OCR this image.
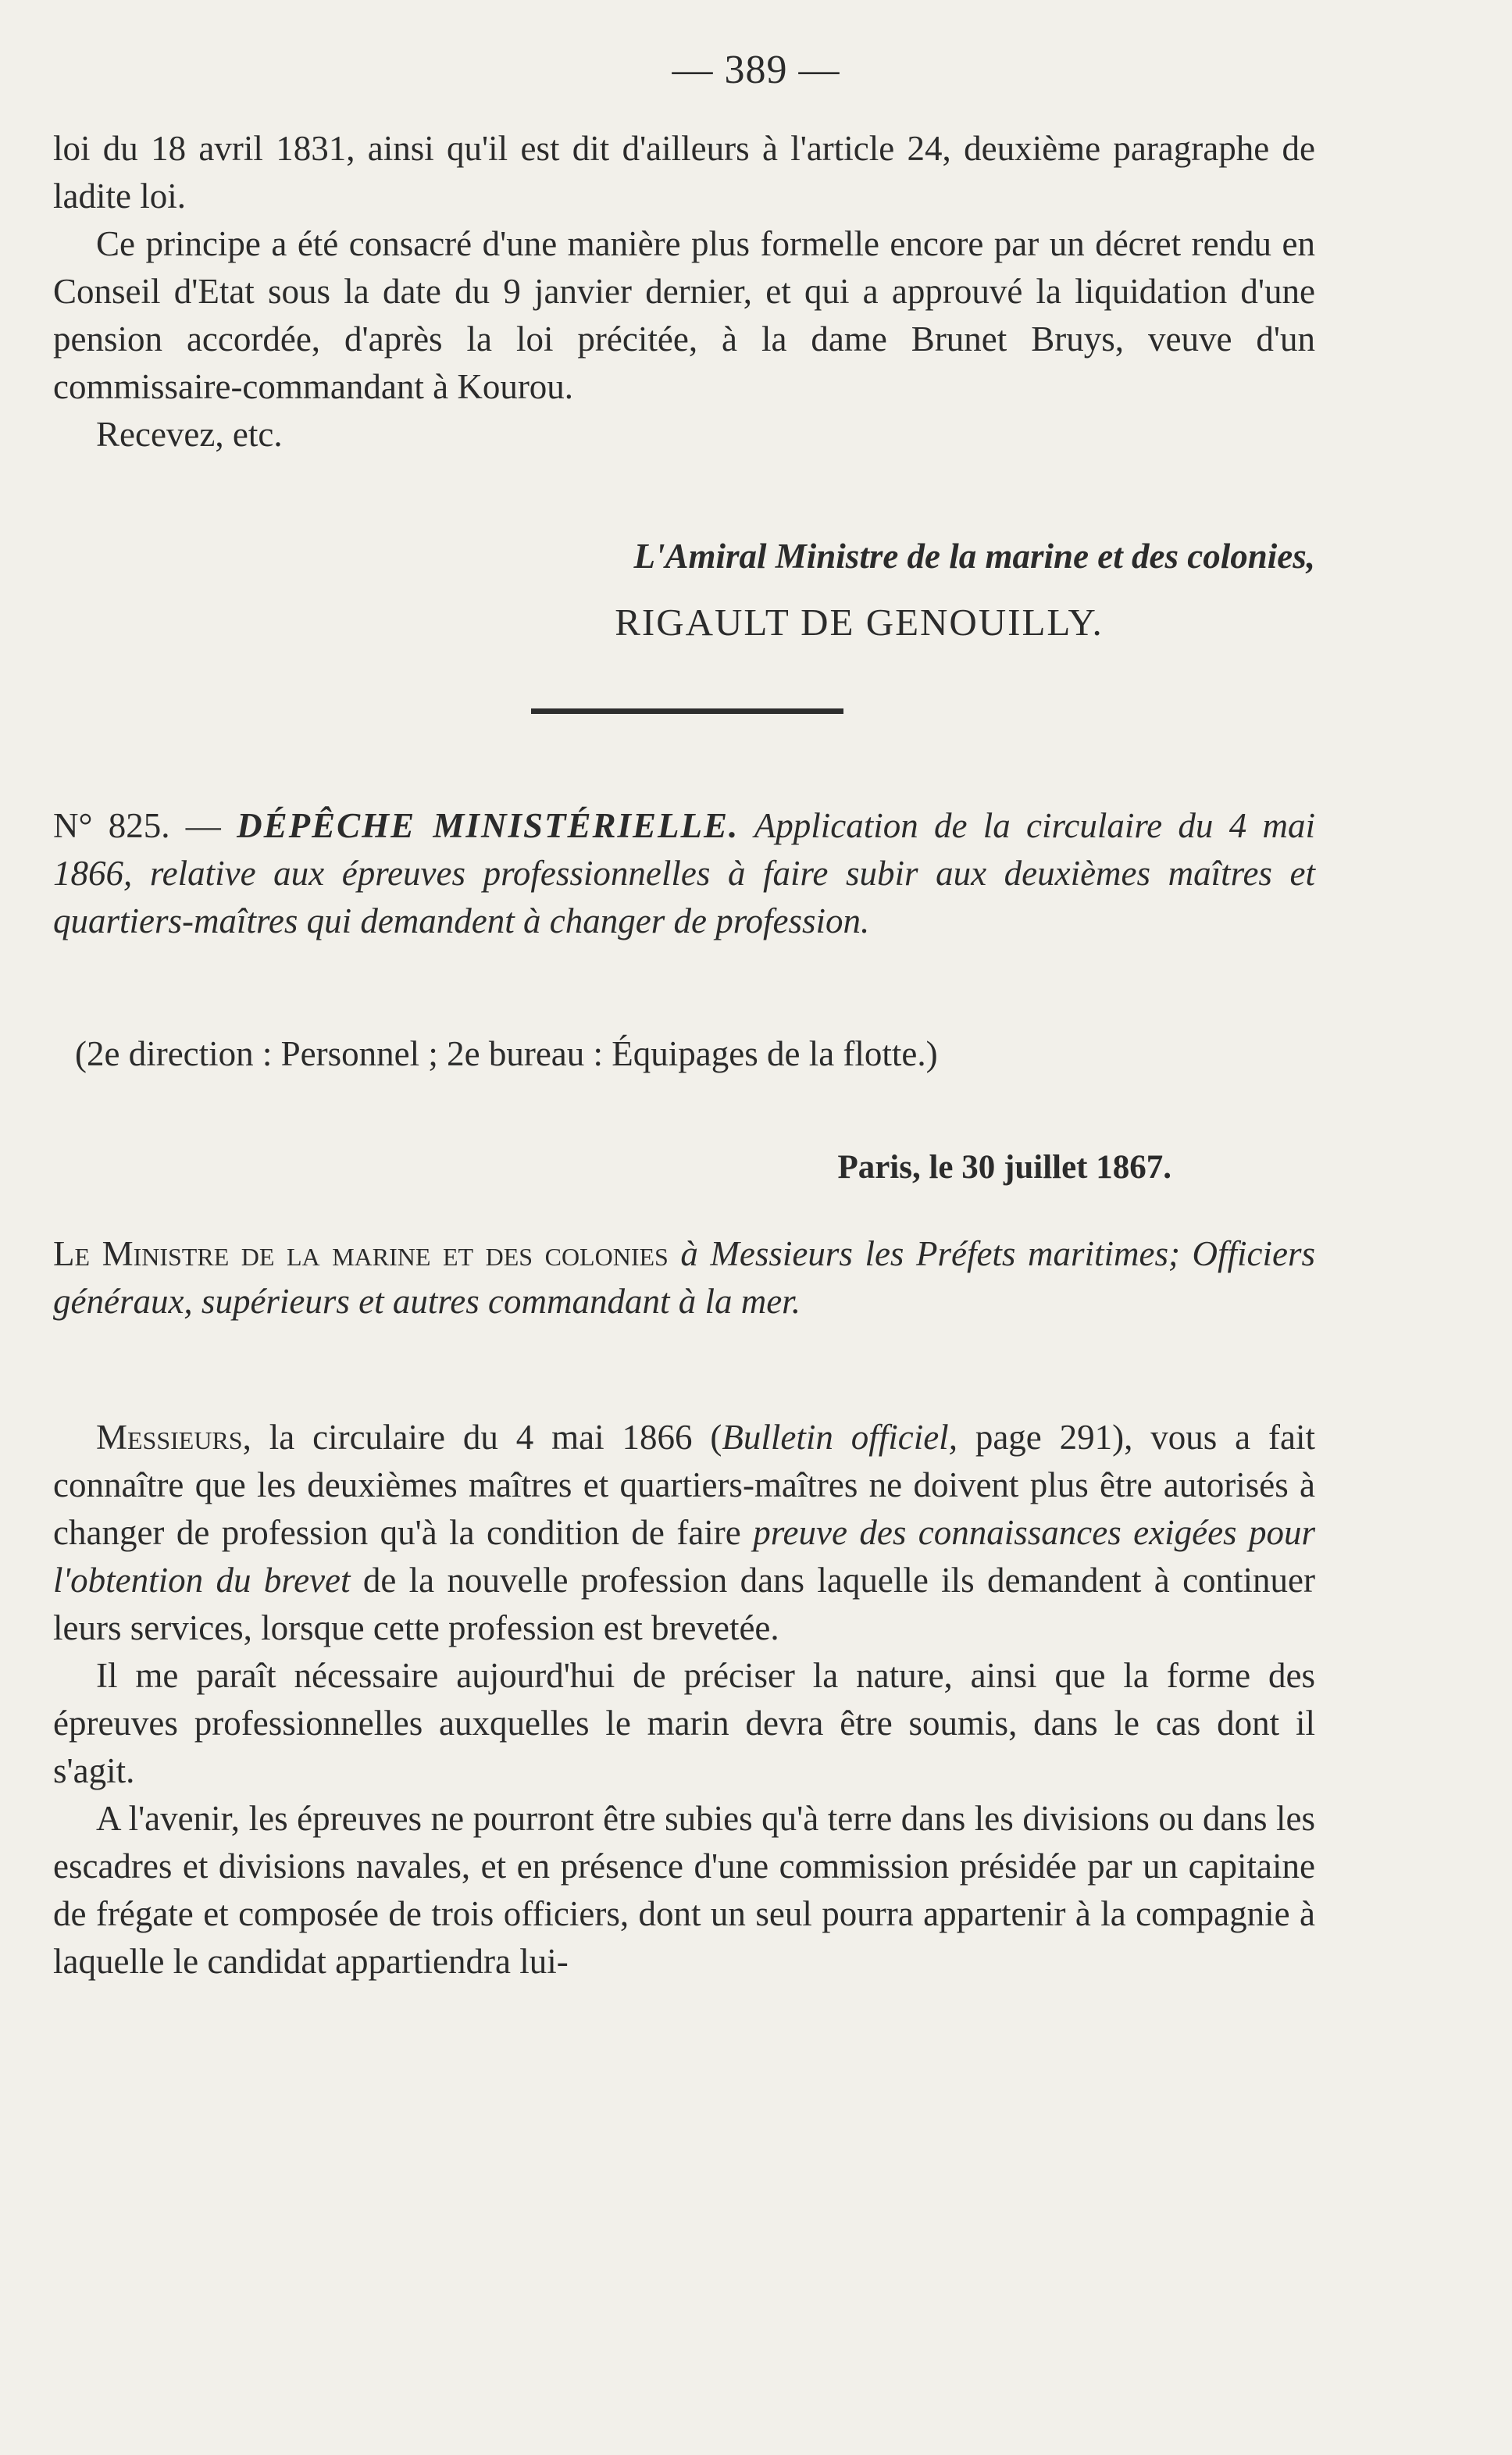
— 389 —

loi du 18 avril 1831, ainsi qu'il est dit d'ailleurs à l'article 24, deuxième paragraphe de ladite loi.

Ce principe a été consacré d'une manière plus formelle encore par un décret rendu en Conseil d'Etat sous la date du 9 janvier dernier, et qui a approuvé la liquidation d'une pension accordée, d'après la loi précitée, à la dame Brunet Bruys, veuve d'un commissaire-commandant à Kourou.

Recevez, etc.

L'Amiral Ministre de la marine et des colonies,
RIGAULT DE GENOUILLY.
N° 825. — DÉPÊCHE MINISTÉRIELLE. Application de la circulaire du 4 mai 1866, relative aux épreuves professionnelles à faire subir aux deuxièmes maîtres et quartiers-maîtres qui demandent à changer de profession.
(2e direction : Personnel ; 2e bureau : Équipages de la flotte.)
Paris, le 30 juillet 1867.
Le Ministre de la marine et des colonies à Messieurs les Préfets maritimes; Officiers généraux, supérieurs et autres commandant à la mer.

Messieurs, la circulaire du 4 mai 1866 (Bulletin officiel, page 291), vous a fait connaître que les deuxièmes maîtres et quartiers-maîtres ne doivent plus être autorisés à changer de profession qu'à la condition de faire preuve des connaissances exigées pour l'obtention du brevet de la nouvelle profession dans laquelle ils demandent à continuer leurs services, lorsque cette profession est brevetée.

Il me paraît nécessaire aujourd'hui de préciser la nature, ainsi que la forme des épreuves professionnelles auxquelles le marin devra être soumis, dans le cas dont il s'agit.

A l'avenir, les épreuves ne pourront être subies qu'à terre dans les divisions ou dans les escadres et divisions navales, et en présence d'une commission présidée par un capitaine de frégate et composée de trois officiers, dont un seul pourra appartenir à la compagnie à laquelle le candidat appartiendra lui-
